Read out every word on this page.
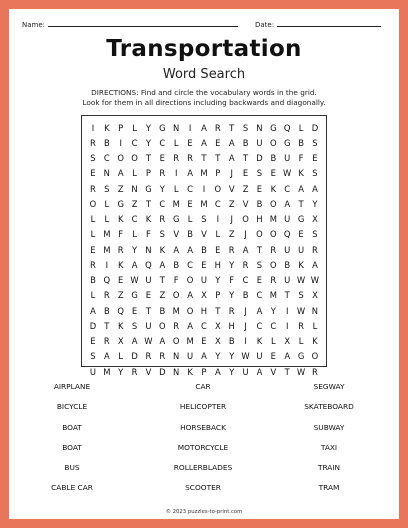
Name:	Date:
Transportation
Word Search
DIRECTIONS: Find and circle the vocabulary words in the grid.
Look for them in all directions including backwards and diagonally.
I	K	P	L	Y G N	I	A R	T	S N G Q L D
R B	I	C Y C	L	E A E A B U O G B S
S C O O T	E R R	T	T	A	T D B U F	E
E N A	L	P	R	I	A M P	J	E	S	E W K	S
R S Z N G Y	L	C	I	O V Z E	K C A A
O L G Z	T C M E M C Z V B O A	T	Y
L	L	K C K R G L	S	I	J	O H M U G X
L M F	L	F	S V B V	L	Z	J	O O Q E	S
E M R	Y N K A A B E R A	T R U U R
R	I	K A Q A B C E H Y R S O B K A
B Q E W U T	F O U Y	F	C E R U W W
L	R Z G E Z O A X	P	Y	B C M T	S X
A B Q E	T	B M O H T R	J	A	Y	I	W N
D T	K	S U O R A C X H	J	C C	I	R	L
E R X A W A O M E X B	I	K	L	X	L	K
S A	L D R R N U A	Y	Y W U E A G O
U M Y R V D N K	P	A	Y U A V	T W R
AIRPLANE	CAR	SEGWAY
BICYCLE	HELICOPTER	SKATEBOARD
BOAT	HORSEBACK	SUBWAY
BOAT	MOTORCYCLE	TAXI
BUS	ROLLERBLADES	TRAIN
CABLE CAR	SCOOTER	TRAM
© 2023 puzzles-to-print.com
